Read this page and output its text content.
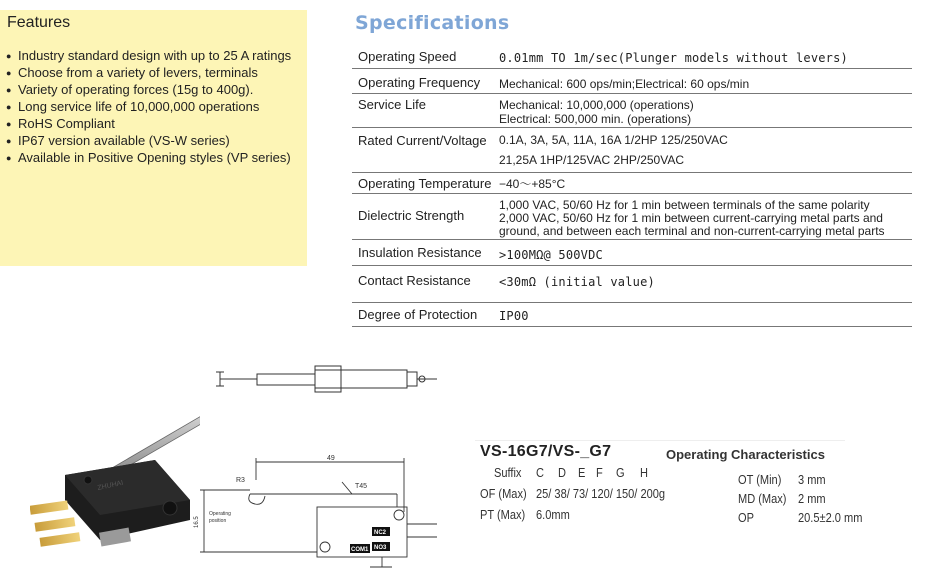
Features
● Industry standard design with up to 25 A ratings
● Choose from a variety of levers, terminals
● Variety of operating forces (15g to 400g).
● Long service life of 10,000,000 operations
● RoHS Compliant
● IP67 version available (VS-W series)
● Available in Positive Opening styles (VP series)
Specifications
Operating Speed	0.01mm TO 1m/sec(Plunger models without levers)
Operating Frequency Mechanical: 600 ops/min;Electrical: 60 ops/min
Service Life	Mechanical: 10,000,000 (operations)
Electrical: 500,000 min. (operations)
Rated Current/Voltage 0.1A, 3A, 5A, 11A, 16A 1/2HP 125/250VAC
21,25A 1HP/125VAC 2HP/250VAC
Operating Temperature −40～+85°C
Dielectric Strength
1,000 VAC, 50/60 Hz for 1 min between terminals of the same polarity
2,000 VAC, 50/60 Hz for 1 min between current-carrying metal parts and
ground, and between each terminal and non-current-carrying metal parts
Insulation Resistance >100MΩ@ 500VDC
Contact Resistance <30mΩ (initial value)
Degree of Protection IP00
ZHUHAI
49
R3
T45
16.5
Operating
position
NC2
NO3
COM1
VS-16G7/VS-_G7	Operating Characteristics
Suffix C D E F G H
OF (Max) 25/ 38/ 73/ 120/ 150/ 200g
PT (Max) 6.0mm
OT (Min) 3 mm
MD (Max) 2 mm
OP	20.5±2.0 mm
